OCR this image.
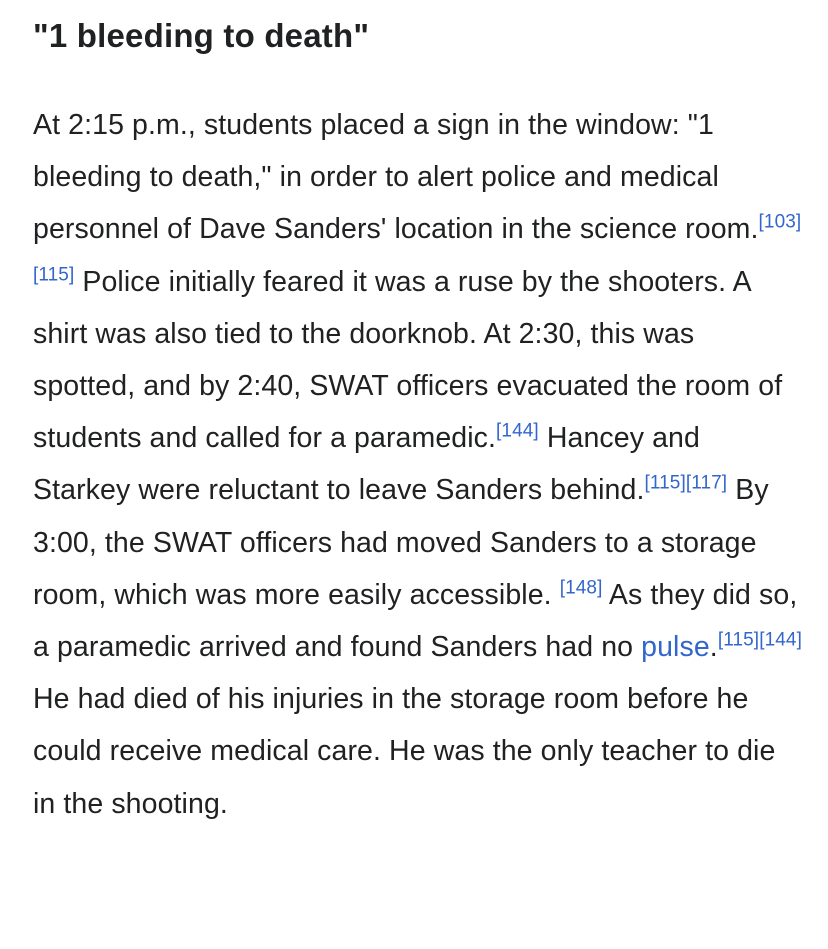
"1 bleeding to death"

At 2:15 p.m., students placed a sign in the window: "1 bleeding to death," in order to alert police and medical personnel of Dave Sanders' location in the science room.[103][115] Police initially feared it was a ruse by the shooters. A shirt was also tied to the doorknob. At 2:30, this was spotted, and by 2:40, SWAT officers evacuated the room of students and called for a paramedic.[144] Hancey and Starkey were reluctant to leave Sanders behind.[115][117] By 3:00, the SWAT officers had moved Sanders to a storage room, which was more easily accessible. [148] As they did so, a paramedic arrived and found Sanders had no pulse.[115][144] He had died of his injuries in the storage room before he could receive medical care. He was the only teacher to die in the shooting.
